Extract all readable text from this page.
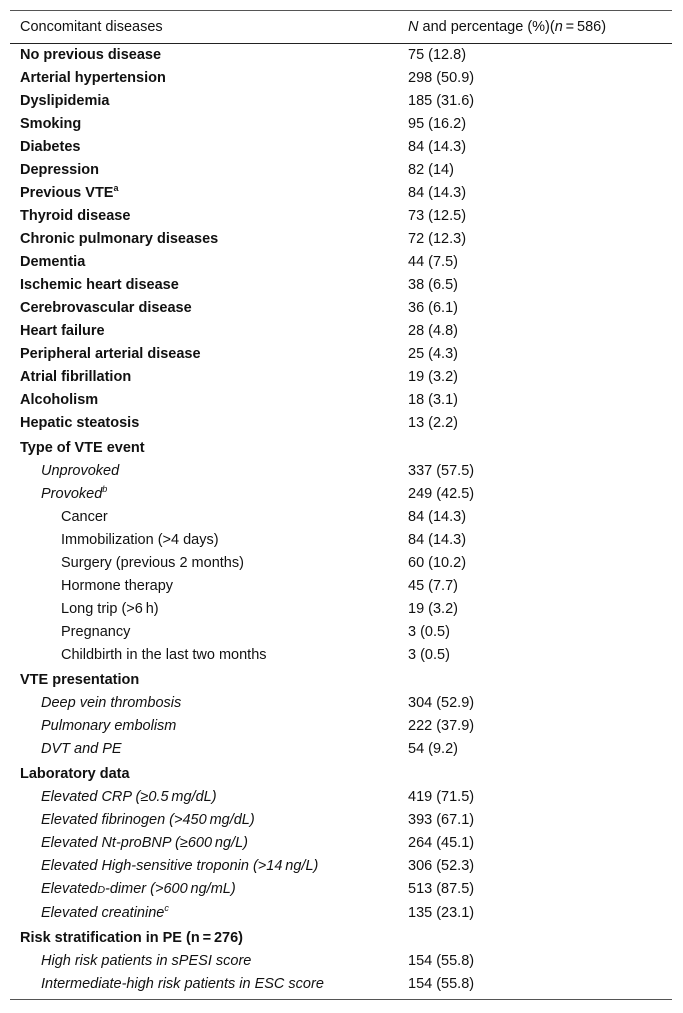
Concomitant diseases	N and percentage (%)(n = 586)
No previous disease	75 (12.8)
Arterial hypertension	298 (50.9)
Dyslipidemia	185 (31.6)
Smoking	95 (16.2)
Diabetes	84 (14.3)
Depression	82 (14)
Previous VTE$^a$	84 (14.3)
Thyroid disease	73 (12.5)
Chronic pulmonary diseases	72 (12.3)
Dementia	44 (7.5)
Ischemic heart disease	38 (6.5)
Cerebrovascular disease	36 (6.1)
Heart failure	28 (4.8)
Peripheral arterial disease	25 (4.3)
Atrial fibrillation	19 (3.2)
Alcoholism	18 (3.1)
Hepatic steatosis	13 (2.2)
Type of VTE event	
Unprovoked	337 (57.5)
Provoked$^b$	249 (42.5)
Cancer	84 (14.3)
Immobilization (>4 days)	84 (14.3)
Surgery (previous 2 months)	60 (10.2)
Hormone therapy	45 (7.7)
Long trip (>6 h)	19 (3.2)
Pregnancy	3 (0.5)
Childbirth in the last two months	3 (0.5)
VTE presentation	
Deep vein thrombosis	304 (52.9)
Pulmonary embolism	222 (37.9)
DVT and PE	54 (9.2)
Laboratory data	
Elevated CRP (≥0.5 mg/dL)	419 (71.5)
Elevated fibrinogen (>450 mg/dL)	393 (67.1)
Elevated Nt-proBNP (≥600 ng/L)	264 (45.1)
Elevated High-sensitive troponin (>14 ng/L)	306 (52.3)
ElevatedD-dimer (>600 ng/mL)	513 (87.5)
Elevated creatinine$^c$	135 (23.1)
Risk stratification in PE (n = 276)	
High risk patients in sPESI score	154 (55.8)
Intermediate-high risk patients in ESC score	154 (55.8)
